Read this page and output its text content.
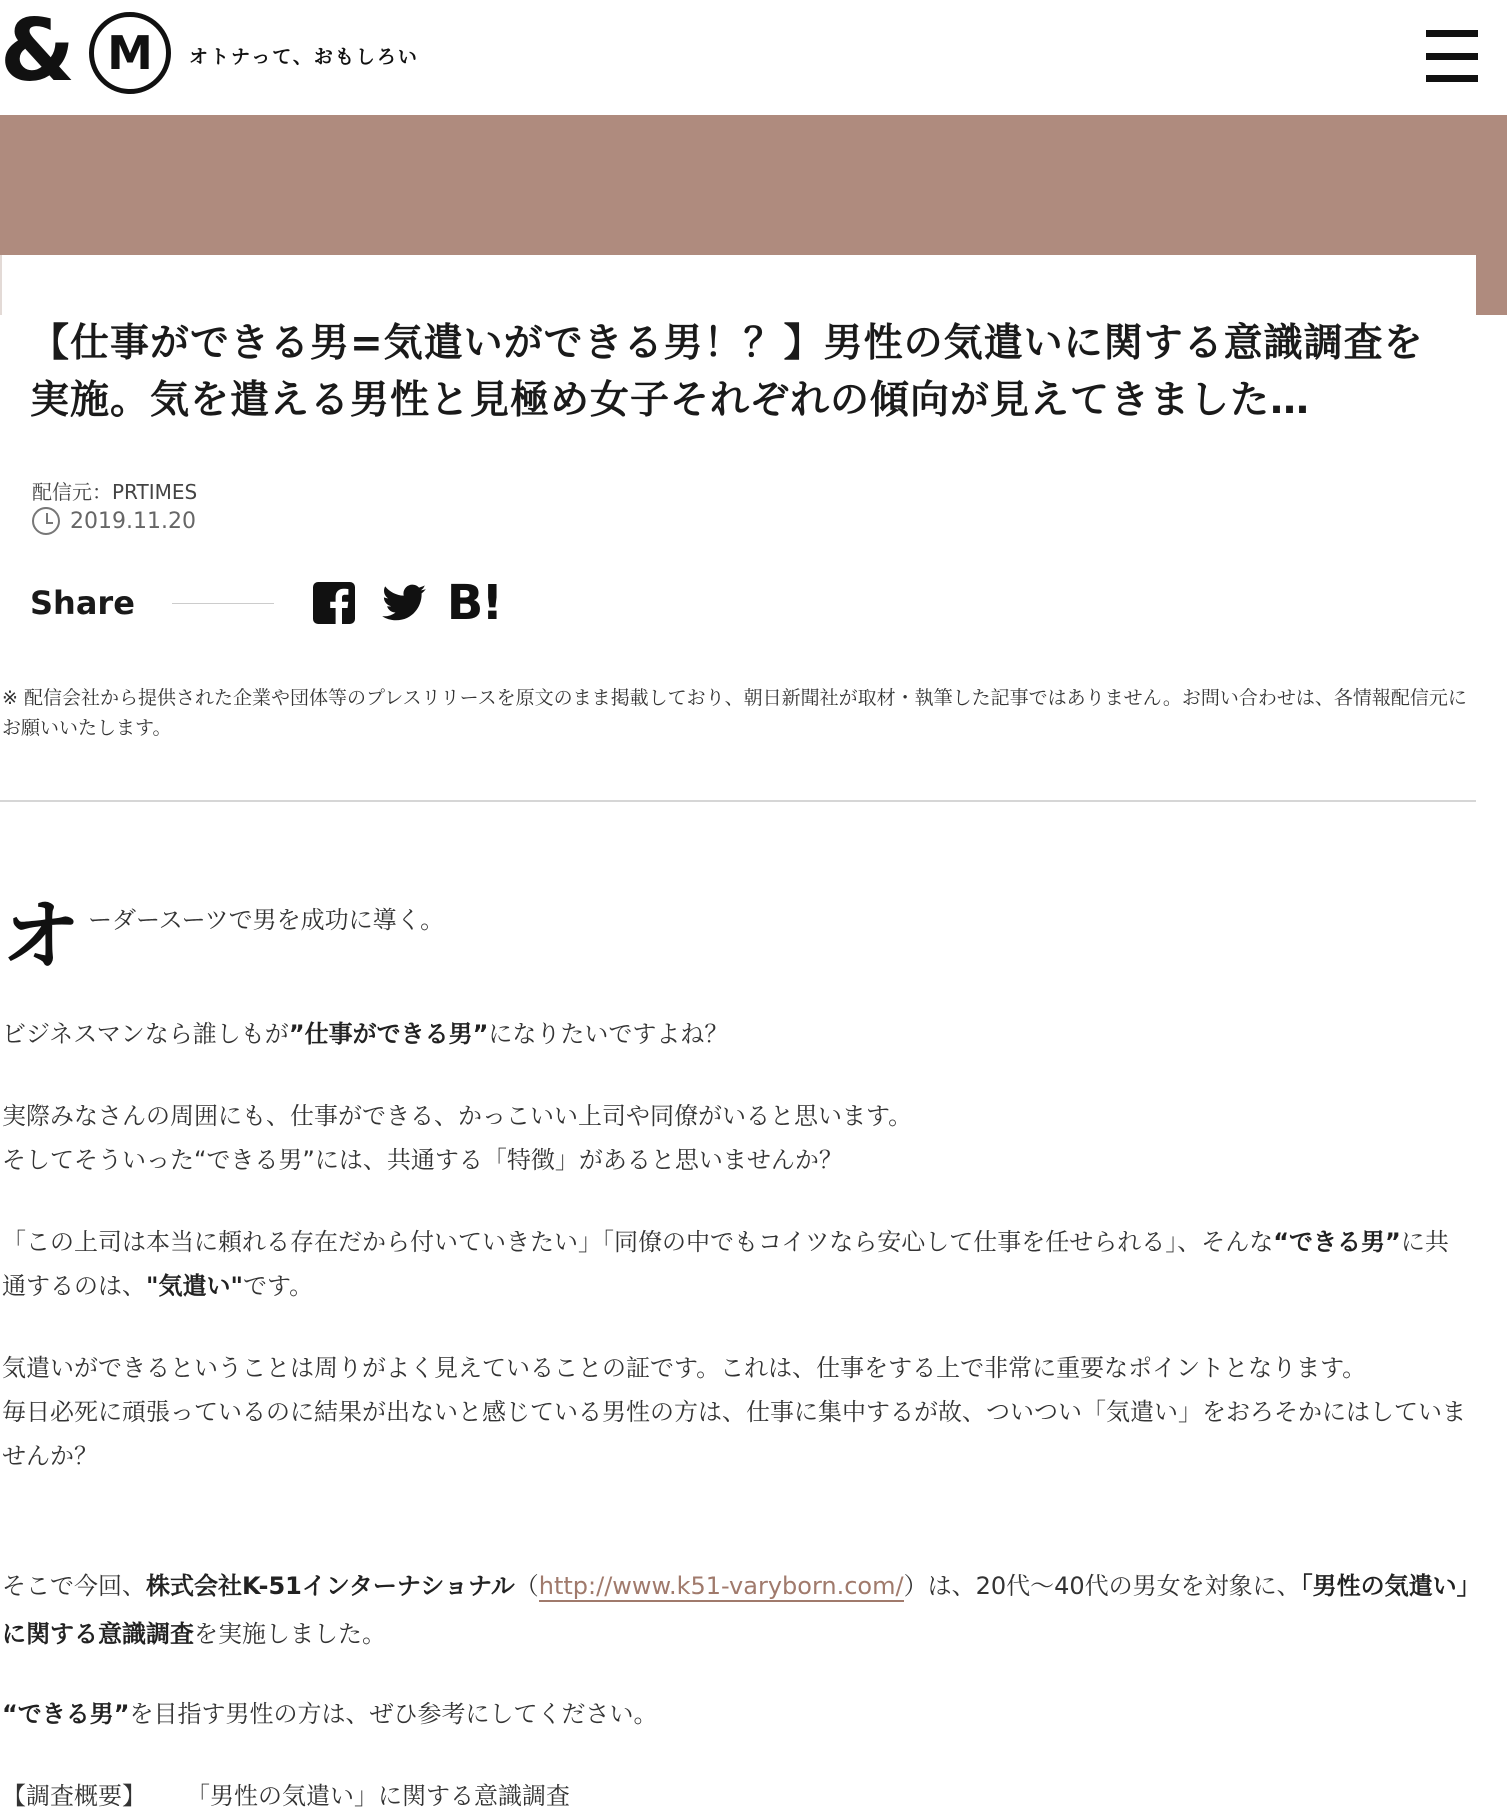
& M	オトナって、おもしろい
【仕事ができる男=気遣いができる男！？】男性の気遣いに関する意識調査を実施。気を遣える男性と見極め女子それぞれの傾向が見えてきました…
配信元：PRTIMES
2019.11.20
Share	B!

※ 配信会社から提供された企業や団体等のプレスリリースを原文のまま掲載しており、朝日新聞社が取材・執筆した記事ではありません。お問い合わせは、各情報配信元にお願いいたします。

オ ーダースーツで男を成功に導く。

ビジネスマンなら誰しもが”仕事ができる男”になりたいですよね？

実際みなさんの周囲にも、仕事ができる、かっこいい上司や同僚がいると思います。
そしてそういった“できる男”には、共通する「特徴」があると思いませんか？

「この上司は本当に頼れる存在だから付いていきたい」「同僚の中でもコイツなら安心して仕事を任せられる」、そんな“できる男”に共通するのは、"気遣い"です。

気遣いができるということは周りがよく見えていることの証です。これは、仕事をする上で非常に重要なポイントとなります。
毎日必死に頑張っているのに結果が出ないと感じている男性の方は、仕事に集中するが故、ついつい「気遣い」をおろそかにはしていませんか？

そこで今回、株式会社K-51インターナショナル（http://www.k51-varyborn.com/）は、20代〜40代の男女を対象に、「男性の気遣い」に関する意識調査を実施しました。

“できる男”を目指す男性の方は、ぜひ参考にしてください。

【調査概要】 「男性の気遣い」に関する意識調査
